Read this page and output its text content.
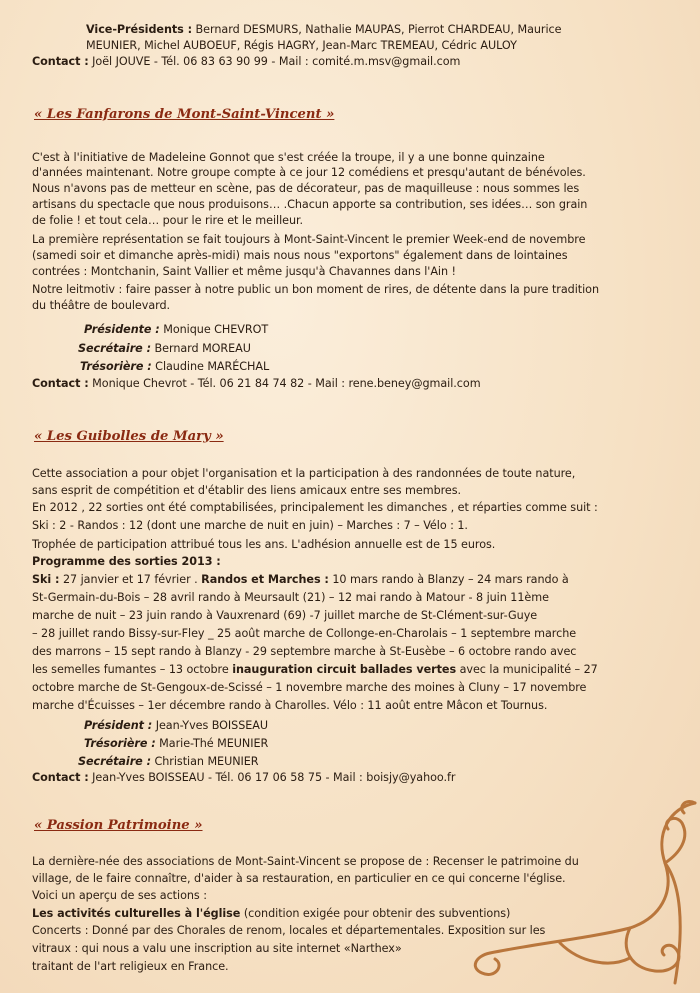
Vice-Présidents : Bernard DESMURS, Nathalie MAUPAS, Pierrot CHARDEAU, Maurice
MEUNIER, Michel AUBOEUF, Régis HAGRY, Jean-Marc TREMEAU, Cédric AULOY
Contact : Joël JOUVE - Tél. 06 83 63 90 99 - Mail : comité.m.msv@gmail.com
« Les Fanfarons de Mont-Saint-Vincent »
C'est à l'initiative de Madeleine Gonnot que s'est créée la troupe, il y a une bonne quinzaine
d'années maintenant. Notre groupe compte à ce jour 12 comédiens et presqu'autant de bénévoles.
Nous n'avons pas de metteur en scène, pas de décorateur, pas de maquilleuse : nous sommes les
artisans du spectacle que nous produisons… .Chacun apporte sa contribution, ses idées… son grain
de folie ! et tout cela… pour le rire et le meilleur.
La première représentation se fait toujours à Mont-Saint-Vincent le premier Week-end de novembre
(samedi soir et dimanche après-midi) mais nous nous "exportons" également dans de lointaines
contrées : Montchanin, Saint Vallier et même jusqu'à Chavannes dans l'Ain !
Notre leitmotiv : faire passer à notre public un bon moment de rires, de détente dans la pure tradition
du théâtre de boulevard.
Présidente : Monique CHEVROT
Secrétaire : Bernard MOREAU
Trésorière : Claudine MARÉCHAL
Contact : Monique Chevrot - Tél. 06 21 84 74 82 - Mail : rene.beney@gmail.com
« Les Guibolles de Mary »
Cette association a pour objet l'organisation et la participation à des randonnées de toute nature,
sans esprit de compétition et d'établir des liens amicaux entre ses membres.
En 2012 , 22 sorties ont été comptabilisées, principalement les dimanches , et réparties comme suit :
Ski : 2 - Randos : 12 (dont une marche de nuit en juin) – Marches : 7 – Vélo : 1.
Trophée de participation attribué tous les ans. L'adhésion annuelle est de 15 euros.
Programme des sorties 2013 :
Ski : 27 janvier et 17 février . Randos et Marches : 10 mars rando à Blanzy – 24 mars rando à
St-Germain-du-Bois – 28 avril rando à Meursault (21) – 12 mai rando à Matour - 8 juin 11ème
marche de nuit – 23 juin rando à Vauxrenard (69) -7 juillet marche de St-Clément-sur-Guye
– 28 juillet rando Bissy-sur-Fley _ 25 août marche de Collonge-en-Charolais – 1 septembre marche
des marrons – 15 sept rando à Blanzy - 29 septembre marche à St-Eusèbe – 6 octobre rando avec
les semelles fumantes – 13 octobre inauguration circuit ballades vertes avec la municipalité – 27
octobre marche de St-Gengoux-de-Scissé – 1 novembre marche des moines à Cluny – 17 novembre
marche d'Écuisses – 1er décembre rando à Charolles. Vélo : 11 août entre Mâcon et Tournus.
Président : Jean-Yves BOISSEAU
Trésorière : Marie-Thé MEUNIER
Secrétaire : Christian MEUNIER
Contact : Jean-Yves BOISSEAU - Tél. 06 17 06 58 75 - Mail : boisjy@yahoo.fr
« Passion Patrimoine »
La dernière-née des associations de Mont-Saint-Vincent se propose de : Recenser le patrimoine du
village, de le faire connaître, d'aider à sa restauration, en particulier en ce qui concerne l'église.
Voici un aperçu de ses actions :
Les activités culturelles à l'église (condition exigée pour obtenir des subventions)
Concerts : Donné par des Chorales de renom, locales et départementales. Exposition sur les
vitraux : qui nous a valu une inscription au site internet «Narthex»
traitant de l'art religieux en France.
